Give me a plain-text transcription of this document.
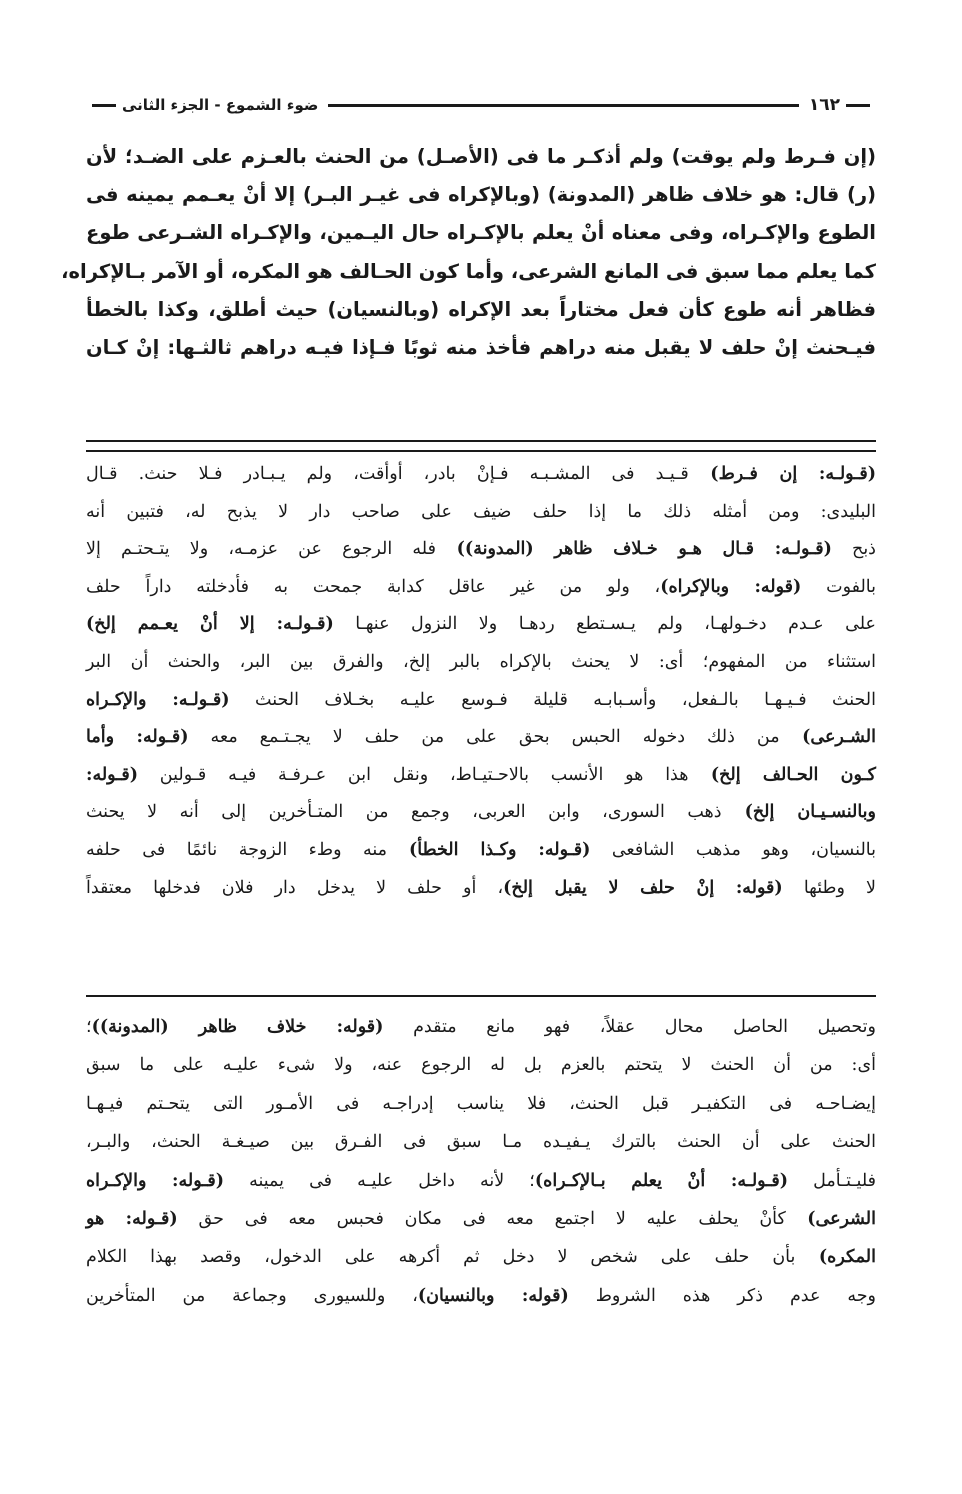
١٦٢
ضوء الشموع - الجزء الثانى
(إن فـرط ولم يوقت) ولم أذكـر ما فى (الأصـل) من الحنث بالعـزم على الضـد؛ لأن
(ر) قال: هو خلاف ظاهر (المدونة) (وبالإكراه فى غيـر البـر) إلا أنْ يعـمم يمينه فى
الطوع والإكـراه، وفى معناه أنْ يعلم بالإكـراه حال اليـمين، والإكـراه الشـرعى طوع
كما يعلم مما سبق فى المانع الشرعى، وأما كون الحـالف هو المكره، أو الآمر بـالإكراه،
فظاهر أنه طوع كأن فعل مختاراً بعد الإكراه (وبالنسيان) حيث أطلق، وكذا بالخطأ
فيـحنث إنْ حلف لا يقبل منه دراهم فأخذ منه ثوبًا فـإذا فيـه دراهم ثالثـها: إنْ كـان
(قـولـه: إن فـرط) قـيـد فى المشـبـه فـإنْ بادر، أوأقت، ولم يـبـادر فـلا حنث. قـال
البليدى: ومن أمثله ذلك ما إذا حلف ضيف على صاحب دار لا يذبح له، فتبين أنه
ذبح (قـولـه: قـال هـو خـلاف ظاهر (المدونة)) فله الرجوع عن عزمـه، ولا يتـحتـم إلا
بالفوت (قوله: وبالإكراه)، ولو من غير عاقل كدابة جمحت به فأدخلته داراً حلف
على عـدم دخـولهـا، ولم يـسـتطع ردهـا ولا النزول عنهـا (قـولـه: إلا أنْ يعـمم إلخ)
استثناء من المفهوم؛ أى: لا يحنث بالإكراه بالبر إلخ، والفرق بين البر، والحنث أن البر
الحنث فـيـهـا بالـفعل، وأسـبابـه قليلة فـوسع عليـه بخـلاف الحنث (قـولـه: والإكـراه
الشـرعى) من ذلك دخوله الحبس بحق على من حلف لا يجـتـمع معه (قـوله: وأما
كـون الحـالف إلخ) هذا هو الأنسب بالاحـتيـاط، ونقل ابن عـرفـة فيـه قـولين (قـوله:
وبالنسـيـان إلخ) ذهب السورى، وابن العربى، وجمع من المتـأخرين إلى أنه لا يحنث
بالنسيان، وهو مذهب الشافعى (قـوله: وكـذا الخطأ) منه وطء الزوجة نائمًا فى حلفه
لا وطئها (قوله: إنْ حلف لا يقبل إلخ)، أو حلف لا يدخل دار فلان فدخلها معتقداً
وتحصيل الحاصل محال عقلاً، فهو مانع متقدم (قوله: خلاف ظاهر (المدونة))؛
أى: من أن الحنث لا يتحتم بالعزم بل له الرجوع عنه، ولا شىء عليـه على ما سبق
إيضـاحـه فى التكفيـر قبل الحنث، فلا يناسب إدراجـه فى الأمـور التى يتحـتم فيـهـا
الحنث على أن الحنث بالترك يـفيـده مـا سبق فى الفـرق بين صيـغـة الحنث، والبـر،
فليـتـأمل (قـولـه: أنْ يعلم بـالإكـراه)؛ لأنه داخل عليـه فى يمينه (قـوله: والإكـراه
الشرعى) كأنْ يحلف عليه لا اجتمع معه فى مكان فحبس معه فى حق (قـوله: هو
المكره) بأن حلف على شخص لا دخل ثم أكرهه على الدخول، وقصد بهذا الكلام
وجه عدم ذكر هذه الشروط (قوله: وبالنسيان)، وللسيورى وجماعة من المتأخرين
